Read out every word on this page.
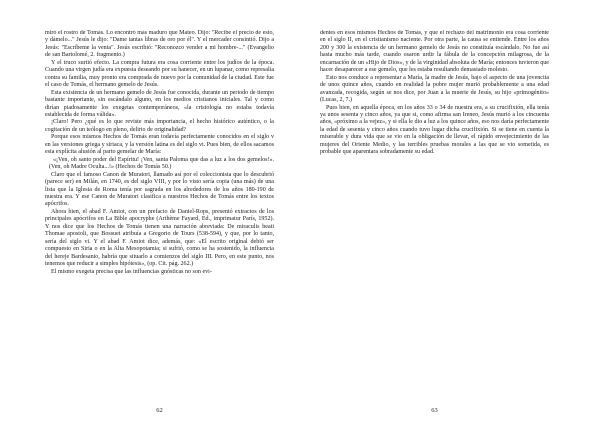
miró el rostro de Tomás. Lo encontró más maduro que Mateo. Dijo: "Recibe el precio de esto, y dámelo..." Jesús le dijo: "Dame tantas libras de oro por él". Y el mercader consintió. Dijo a Jesús: "Escríbeme la venta". Jesús escribió: "Reconozco vender a mi hombre-..." (Evangelio de san Bartolomé, 2. fragmento.)

Y el truco surtió efecto. La compra futura era cosa corriente entre los judíos de la época. Cuando una virgen judía era expuesta deseando por su hanecer, en un lupanar, como represalia contra su familia, muy pronto era comprada de nuevo por la comunidad de la ciudad. Este fue el caso de Tomás, el hermano gemelo de Jesús.

Esta existencia de un hermano gemelo de Jesús fue conocida, durante un periodo de tiempo bastante importante, sin escándalo alguno, en los medios cristianos iniciales. Tal y como dirían piadosamente los exegetas contemporáneos, «la cristología no estaba todavía establecida de forma válida».

¡Claro! Pero ¿qué es lo que reviste más importancia, el hecho histórico auténtico, o la cogitación de un teólogo en pleno, delirio de originalidad?

Porque esos mismos Hechos de Tomás eran todavía perfectamente conocidos en el siglo v en las versiones griega y siriaca, y la versión latina es del siglo vi. Pues bien, de ellos sacamos esta explícita alusión al parto gemelar de María:

«¡Ven, oh santo poder del Espíritu! ¡Ven, santa Paloma que das a luz a los dos gemelos!». (Ven, oh Madre Oculta...!» (Hechos de Tomás 50.)

Claro que el famoso Canon de Muratori, llamado así por el coleccionista que lo descubrió (parece ser) en Milán, en 1740, es del siglo VIII, y por lo visto sería copia (una más) de una lista que la Iglesia de Roma tenía por sagrada en los alrededores de los años 180-190 de nuestra era. Y ese Canon de Muratori clasifica a nuestros Hechos de Tomás entre los textos apócrifos.

Ahora bien, el abad F. Amiot, con un prefacio de Daniel-Rops, presentó extractos de los principales apócrifos en La Bible apocryphe (Arthème Fayard, Ed., imprimatur París, 1952). Y nos dice que los Hechos de Tomás tienen una narración abreviada: De miraculis beati Thomae apostoli, que Bossuet atribuía a Gregorio de Tours (538-594), y que, por lo tanto, sería del siglo vi. Y el abad F. Amiot dice, además, que: «El escrito original debió ser compuesto en Siria o en la Alta Mesopotamia; si sufrió, como se ha sostenido, la influencia del hereje Bardesanio, habría que situarlo a comienzos del siglo III. Pero, en este punto, nos tenemos que reducir a simples hipótesis», (op. Cit. pág. 262.)

El mismo exegeta precisa que las influencias gnósticas no son evi-

62

dentes en esos mismos Hechos de Tomás, y que el rechazo del matrimonio era cosa corriente en el siglo II, en el cristianismo naciente. Por otra parte, la causa se entiende. Entre los años 200 y 300 la existencia de un hermano gemelo de Jesús no constituía escándalo. No fue así hasta mucho más tarde, cuando osaron urdir la fábula de la concepción milagrosa, de la encarnación de un «Hijo de Dios», y de la virginidad absoluta de María; entonces tuvieron que hacer desaparecer a ese gemelo, que les estaba resultando demasiado molesto.

Esto nos conduce a representar a María, la madre de Jesús, bajo el aspecto de una jovencita de unos quince años, cuando en realidad la pobre mujer murió probablemente a una edad avanzada, recogida, según se nos dice, por Juan a la muerte de Jesús, su hijo «primogénito» (Lucas, 2, 7.)

Pues bien, en aquella época, en los años 33 o 34 de nuestra era, a su crucifixión, ella tenía ya unos sesenta y cinco años, ya que si, como afirma san Ireneo, Jesús murió a los cincuenta años, «próximo a la vejez», y si ella le dio a luz a los quince años, eso nos daría perfectamente la edad de sesenta y cinco años cuando tuvo lugar dicha crucifixión. Si se tiene en cuenta la miserable y dura vida que se vio en la obligación de llevar, el rápido envejecimiento de las mujeres del Oriente Medio, y las terribles pruebas morales a las que se vio sometida, es probable que aparentara sobradamente su edad.

63
